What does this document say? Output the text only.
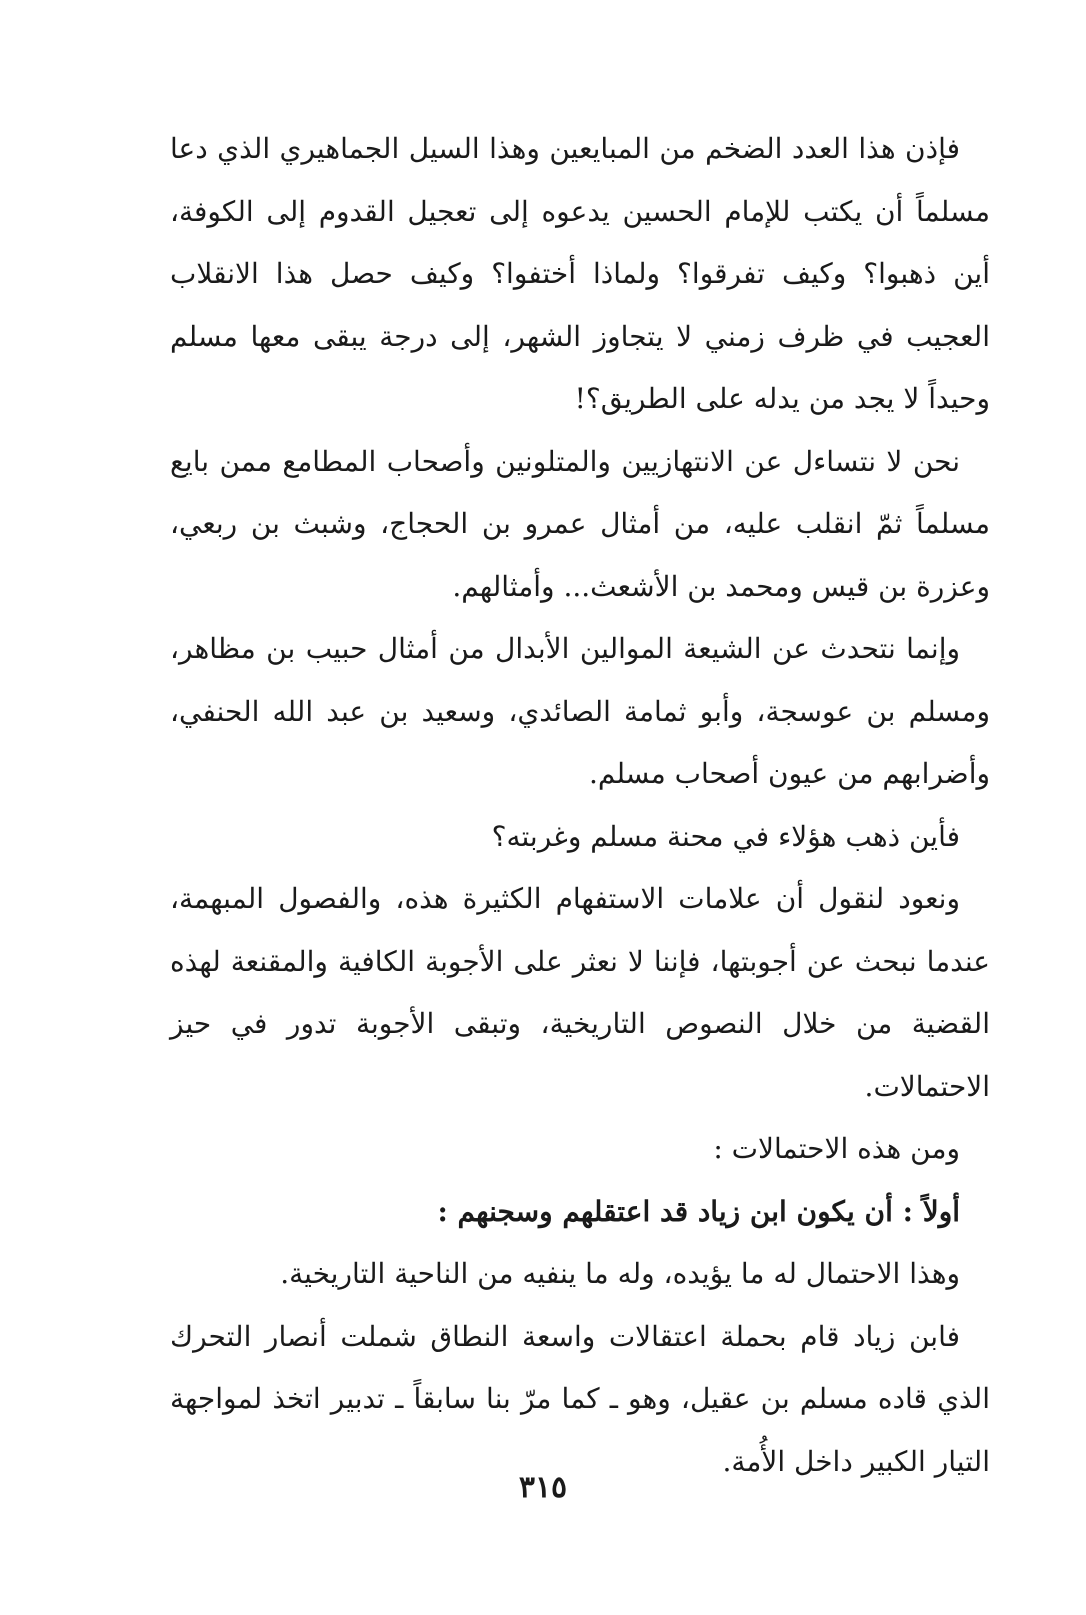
فإذن هذا العدد الضخم من المبايعين وهذا السيل الجماهيري الذي دعا مسلماً أن يكتب للإمام الحسين يدعوه إلى تعجيل القدوم إلى الكوفة، أين ذهبوا؟ وكيف تفرقوا؟ ولماذا أختفوا؟ وكيف حصل هذا الانقلاب العجيب في ظرف زمني لا يتجاوز الشهر، إلى درجة يبقى معها مسلم وحيداً لا يجد من يدله على الطريق؟!

نحن لا نتساءل عن الانتهازيين والمتلونين وأصحاب المطامع ممن بايع مسلماً ثمّ انقلب عليه، من أمثال عمرو بن الحجاج، وشبث بن ربعي، وعزرة بن قيس ومحمد بن الأشعث... وأمثالهم.

وإنما نتحدث عن الشيعة الموالين الأبدال من أمثال حبيب بن مظاهر، ومسلم بن عوسجة، وأبو ثمامة الصائدي، وسعيد بن عبد الله الحنفي، وأضرابهم من عيون أصحاب مسلم.

فأين ذهب هؤلاء في محنة مسلم وغربته؟

ونعود لنقول أن علامات الاستفهام الكثيرة هذه، والفصول المبهمة، عندما نبحث عن أجوبتها، فإننا لا نعثر على الأجوبة الكافية والمقنعة لهذه القضية من خلال النصوص التاريخية، وتبقى الأجوبة تدور في حيز الاحتمالات.

ومن هذه الاحتمالات :

أولاً : أن يكون ابن زياد قد اعتقلهم وسجنهم :

وهذا الاحتمال له ما يؤيده، وله ما ينفيه من الناحية التاريخية.

فابن زياد قام بحملة اعتقالات واسعة النطاق شملت أنصار التحرك الذي قاده مسلم بن عقيل، وهو ـ كما مرّ بنا سابقاً ـ تدبير اتخذ لمواجهة التيار الكبير داخل الأُمة.

٣١٥
